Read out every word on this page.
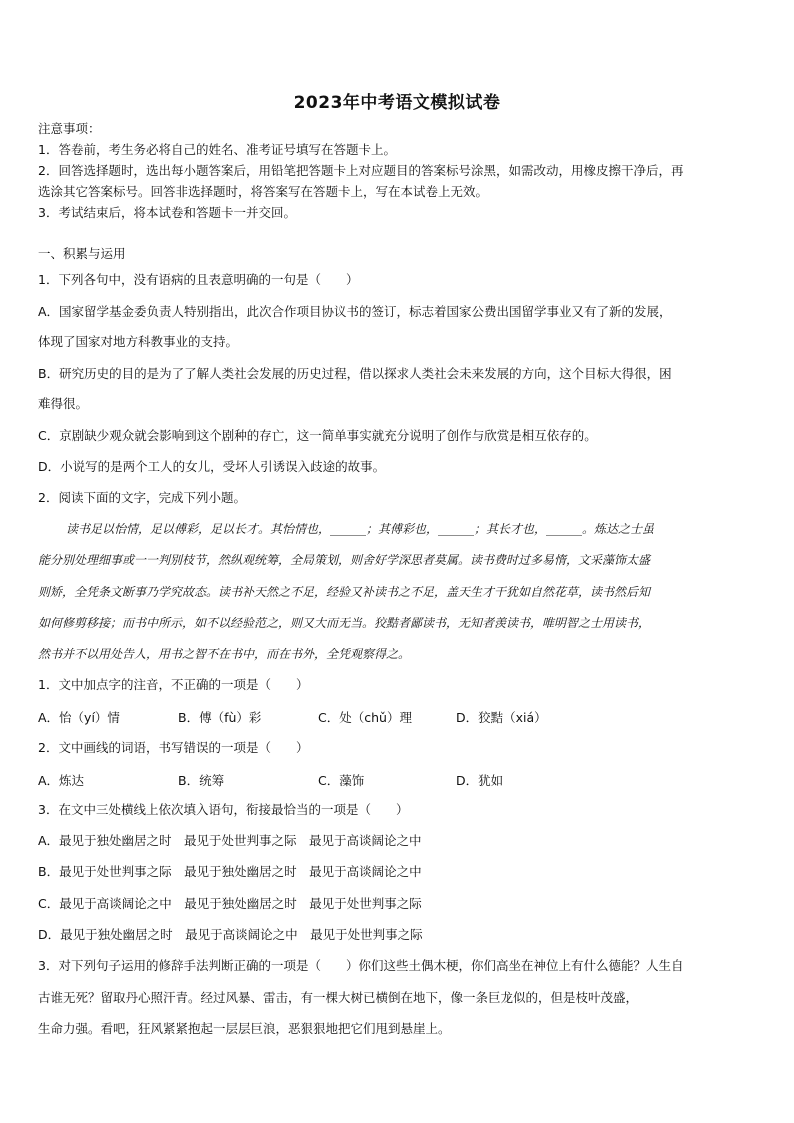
2023年中考语文模拟试卷
注意事项：
1．答卷前，考生务必将自己的姓名、准考证号填写在答题卡上。
2．回答选择题时，选出每小题答案后，用铅笔把答题卡上对应题目的答案标号涂黑，如需改动，用橡皮擦干净后，再
选涂其它答案标号。回答非选择题时，将答案写在答题卡上，写在本试卷上无效。
3．考试结束后，将本试卷和答题卡一并交回。
一、积累与运用
1．下列各句中，没有语病的且表意明确的一句是（　　）
A．国家留学基金委负责人特别指出，此次合作项目协议书的签订，标志着国家公费出国留学事业又有了新的发展，
体现了国家对地方科教事业的支持。
B．研究历史的目的是为了了解人类社会发展的历史过程，借以探求人类社会未来发展的方向，这个目标大得很，困
难得很。
C．京剧缺少观众就会影响到这个剧种的存亡，这一简单事实就充分说明了创作与欣赏是相互依存的。
D．小说写的是两个工人的女儿，受坏人引诱误入歧途的故事。
2．阅读下面的文字，完成下列小题。
读书足以怡情，足以傅彩，足以长才。其怡情也，______；其傅彩也，______；其长才也，______。炼达之士虽
能分别处理细事或一一判别枝节，然纵观统筹，全局策划，则舍好学深思者莫属。读书费时过多易惰，文采藻饰太盛
则矫，全凭条文断事乃学究故态。读书补天然之不足，经验又补读书之不足，盖天生才干犹如自然花草，读书然后知
如何修剪移接；而书中所示，如不以经验范之，则又大而无当。狡黠者鄙读书，无知者羡读书，唯明智之士用读书，
然书并不以用处告人，用书之智不在书中，而在书外，全凭观察得之。
1．文中加点字的注音，不正确的一项是（　　）
A．怡（yí）情	B．傅（fù）彩	C．处（chǔ）理	D．狡黠（xiá）
2．文中画线的词语，书写错误的一项是（　　）
A．炼达	B．统筹	C．藻饰	D．犹如
3．在文中三处横线上依次填入语句，衔接最恰当的一项是（　　）
A．最见于独处幽居之时　最见于处世判事之际　最见于高谈阔论之中
B．最见于处世判事之际　最见于独处幽居之时　最见于高谈阔论之中
C．最见于高谈阔论之中　最见于独处幽居之时　最见于处世判事之际
D．最见于独处幽居之时　最见于高谈阔论之中　最见于处世判事之际
3．对下列句子运用的修辞手法判断正确的一项是（　　）你们这些土偶木梗，你们高坐在神位上有什么德能？人生自
古谁无死？留取丹心照汗青。经过风暴、雷击，有一棵大树已横倒在地下，像一条巨龙似的，但是枝叶茂盛，
生命力强。看吧，狂风紧紧抱起一层层巨浪，恶狠狠地把它们甩到悬崖上。
